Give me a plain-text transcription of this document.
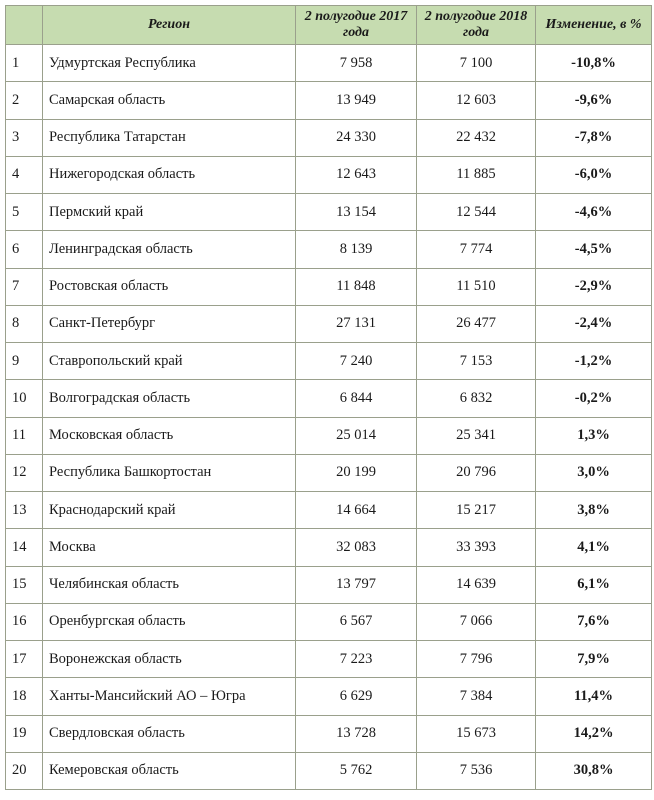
	Регион	2 полугодие 2017 года	2 полугодие 2018 года	Изменение, в %
1	Удмуртская Республика	7 958	7 100	-10,8%
2	Самарская область	13 949	12 603	-9,6%
3	Республика Татарстан	24 330	22 432	-7,8%
4	Нижегородская область	12 643	11 885	-6,0%
5	Пермский край	13 154	12 544	-4,6%
6	Ленинградская область	8 139	7 774	-4,5%
7	Ростовская область	11 848	11 510	-2,9%
8	Санкт-Петербург	27 131	26 477	-2,4%
9	Ставропольский край	7 240	7 153	-1,2%
10	Волгоградская область	6 844	6 832	-0,2%
11	Московская область	25 014	25 341	1,3%
12	Республика Башкортостан	20 199	20 796	3,0%
13	Краснодарский край	14 664	15 217	3,8%
14	Москва	32 083	33 393	4,1%
15	Челябинская область	13 797	14 639	6,1%
16	Оренбургская область	6 567	7 066	7,6%
17	Воронежская область	7 223	7 796	7,9%
18	Ханты-Мансийский АО – Югра	6 629	7 384	11,4%
19	Свердловская область	13 728	15 673	14,2%
20	Кемеровская область	5 762	7 536	30,8%
